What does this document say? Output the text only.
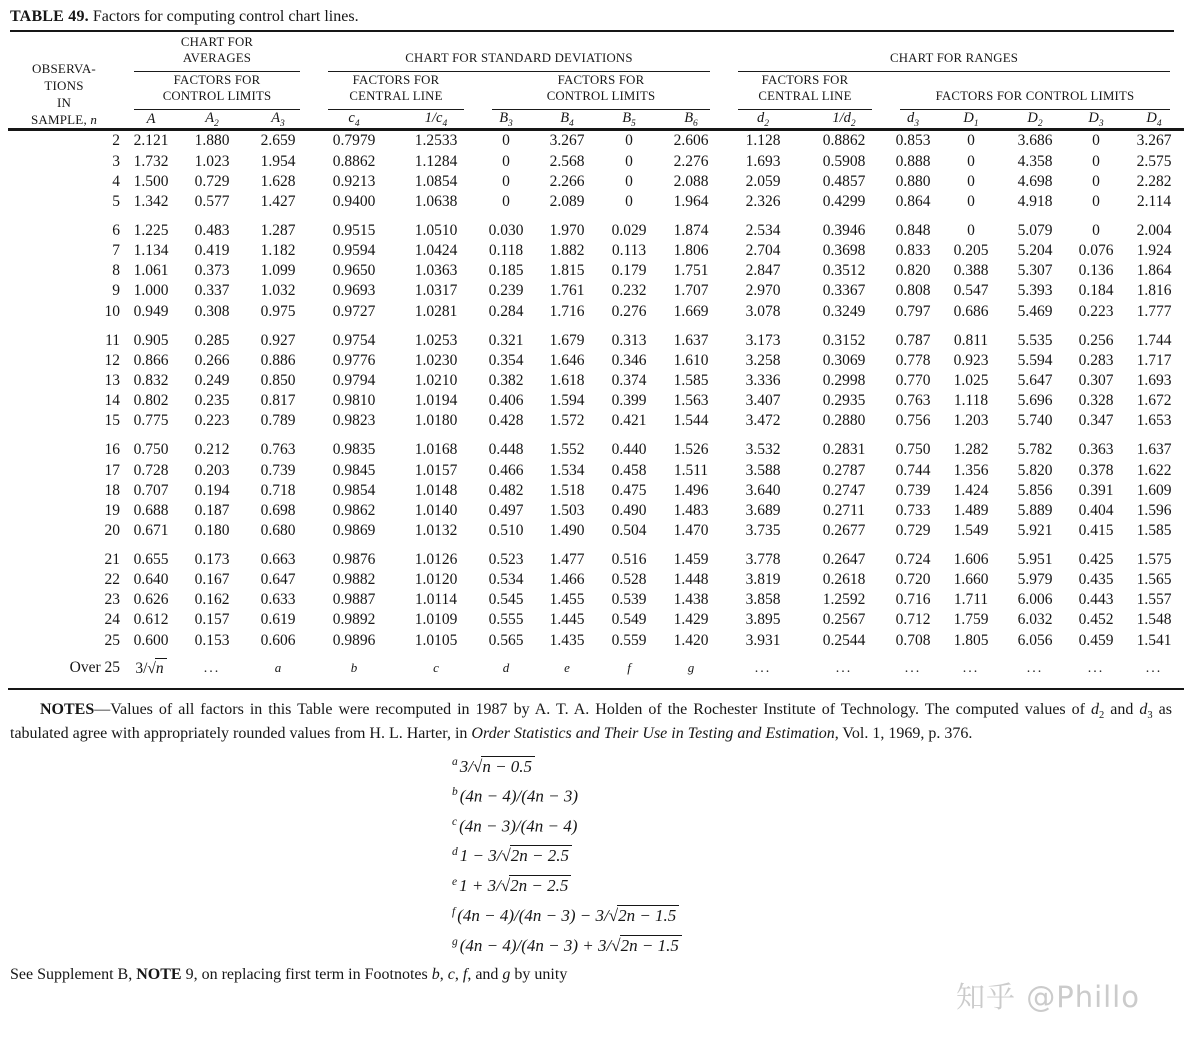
TABLE 49. Factors for computing control chart lines.
OBSERVA-
TIONS
IN
SAMPLE, n

CHART FOR
AVERAGES	CHART FOR STANDARD DEVIATIONS	CHART FOR RANGES

FACTORS FOR
CONTROL LIMITS

FACTORS FOR
CENTRAL LINE

FACTORS FOR
CONTROL LIMITS

FACTORS FOR
CENTRAL LINE	FACTORS FOR CONTROL LIMITS

	A	$A_2$	$A_3$	$c_4$	$1/c_4$	$B_3$	$B_4$	$B_5$	$B_6$	$d_2$	$1/d_2$	$d_3$	$D_1$	$D_2$	$D_3$	$D_4$
2	2.121	1.880	2.659	0.7979	1.2533	0	3.267	0	2.606	1.128	0.8862	0.853	0	3.686	0	3.267
3	1.732	1.023	1.954	0.8862	1.1284	0	2.568	0	2.276	1.693	0.5908	0.888	0	4.358	0	2.575
4	1.500	0.729	1.628	0.9213	1.0854	0	2.266	0	2.088	2.059	0.4857	0.880	0	4.698	0	2.282
5	1.342	0.577	1.427	0.9400	1.0638	0	2.089	0	1.964	2.326	0.4299	0.864	0	4.918	0	2.114
6	1.225	0.483	1.287	0.9515	1.0510	0.030	1.970	0.029	1.874	2.534	0.3946	0.848	0	5.079	0	2.004
7	1.134	0.419	1.182	0.9594	1.0424	0.118	1.882	0.113	1.806	2.704	0.3698	0.833	0.205	5.204	0.076	1.924
8	1.061	0.373	1.099	0.9650	1.0363	0.185	1.815	0.179	1.751	2.847	0.3512	0.820	0.388	5.307	0.136	1.864
9	1.000	0.337	1.032	0.9693	1.0317	0.239	1.761	0.232	1.707	2.970	0.3367	0.808	0.547	5.393	0.184	1.816
10	0.949	0.308	0.975	0.9727	1.0281	0.284	1.716	0.276	1.669	3.078	0.3249	0.797	0.686	5.469	0.223	1.777
11	0.905	0.285	0.927	0.9754	1.0253	0.321	1.679	0.313	1.637	3.173	0.3152	0.787	0.811	5.535	0.256	1.744
12	0.866	0.266	0.886	0.9776	1.0230	0.354	1.646	0.346	1.610	3.258	0.3069	0.778	0.923	5.594	0.283	1.717
13	0.832	0.249	0.850	0.9794	1.0210	0.382	1.618	0.374	1.585	3.336	0.2998	0.770	1.025	5.647	0.307	1.693
14	0.802	0.235	0.817	0.9810	1.0194	0.406	1.594	0.399	1.563	3.407	0.2935	0.763	1.118	5.696	0.328	1.672
15	0.775	0.223	0.789	0.9823	1.0180	0.428	1.572	0.421	1.544	3.472	0.2880	0.756	1.203	5.740	0.347	1.653
16	0.750	0.212	0.763	0.9835	1.0168	0.448	1.552	0.440	1.526	3.532	0.2831	0.750	1.282	5.782	0.363	1.637
17	0.728	0.203	0.739	0.9845	1.0157	0.466	1.534	0.458	1.511	3.588	0.2787	0.744	1.356	5.820	0.378	1.622
18	0.707	0.194	0.718	0.9854	1.0148	0.482	1.518	0.475	1.496	3.640	0.2747	0.739	1.424	5.856	0.391	1.609
19	0.688	0.187	0.698	0.9862	1.0140	0.497	1.503	0.490	1.483	3.689	0.2711	0.733	1.489	5.889	0.404	1.596
20	0.671	0.180	0.680	0.9869	1.0132	0.510	1.490	0.504	1.470	3.735	0.2677	0.729	1.549	5.921	0.415	1.585
21	0.655	0.173	0.663	0.9876	1.0126	0.523	1.477	0.516	1.459	3.778	0.2647	0.724	1.606	5.951	0.425	1.575
22	0.640	0.167	0.647	0.9882	1.0120	0.534	1.466	0.528	1.448	3.819	0.2618	0.720	1.660	5.979	0.435	1.565
23	0.626	0.162	0.633	0.9887	1.0114	0.545	1.455	0.539	1.438	3.858	1.2592	0.716	1.711	6.006	0.443	1.557
24	0.612	0.157	0.619	0.9892	1.0109	0.555	1.445	0.549	1.429	3.895	0.2567	0.712	1.759	6.032	0.452	1.548
25	0.600	0.153	0.606	0.9896	1.0105	0.565	1.435	0.559	1.420	3.931	0.2544	0.708	1.805	6.056	0.459	1.541
Over 25	3/√n	...	a	b	c	d	e	f	g	...	...	...	...	...	...	...

NOTES—Values of all factors in this Table were recomputed in 1987 by A. T. A. Holden of the Rochester Institute of Technology. The computed values of $d_2$ and $d_3$ as tabulated agree with appropriately rounded values from H. L. Harter, in Order Statistics and Their Use in Testing and Estimation, Vol. 1, 1969, p. 376.

$^a$ 3/√n − 0.5
$^b$ (4n − 4)/(4n − 3)
$^c$ (4n − 3)/(4n − 4)
$^d$ 1 − 3/√2n − 2.5
$^e$ 1 + 3/√2n − 2.5
$^f$ (4n − 4)/(4n − 3) − 3/√2n − 1.5
$^g$ (4n − 4)/(4n − 3) + 3/√2n − 1.5
See Supplement B, NOTE 9, on replacing first term in Footnotes b, c, f, and g by unity
知乎 @Phillo
